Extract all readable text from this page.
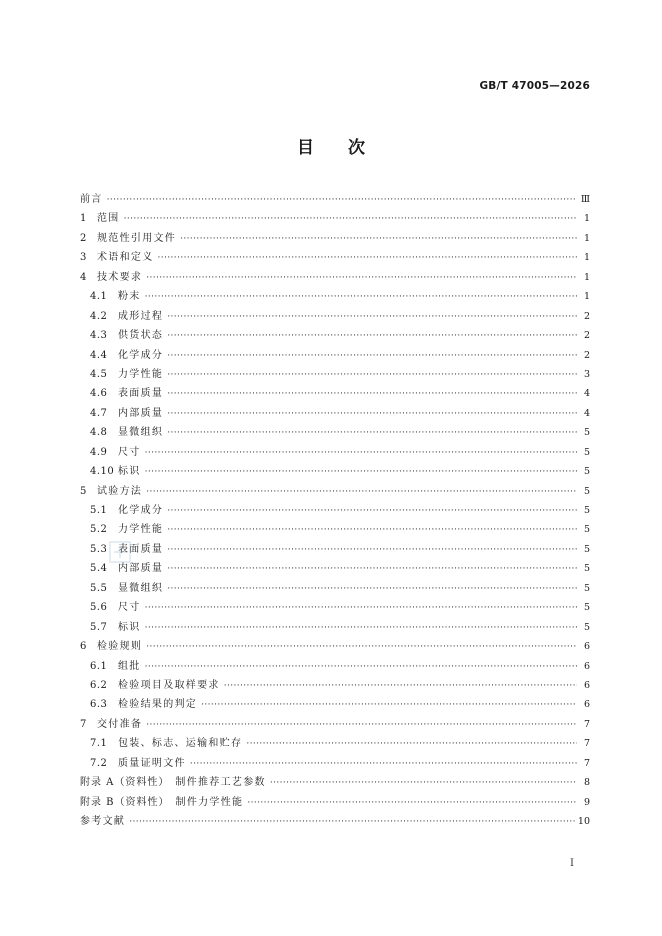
GB/T 47005—2026
目次
前言 ·····	Ⅲ
1	范围 ·····	1
2	规范性引用文件 ·····	1
3	术语和定义 ·····	1
4	技术要求 ·····	1
4.1	粉末 ·····	1
4.2	成形过程 ·····	2
4.3	供货状态 ·····	2
4.4	化学成分 ·····	2
4.5	力学性能 ·····	3
4.6	表面质量 ·····	4
4.7	内部质量 ·····	4
4.8	显微组织 ·····	5
4.9	尺寸 ·····	5
4.10 标识 ·····	5
5	试验方法 ·····	5
5.1	化学成分 ·····	5
5.2	力学性能 ·····	5
5.3	表面质量 ·····	5
5.4	内部质量 ·····	5
5.5	显微组织 ·····	5
5.6	尺寸 ·····	5
5.7	标识 ·····	5
6	检验规则 ·····	6
6.1	组批 ·····	6
6.2	检验项目及取样要求 ·····	6
6.3	检验结果的判定 ·····	6
7	交付准备 ·····	7
7.1	包装、标志、运输和贮存 ·····	7
7.2	质量证明文件 ·····	7
附录 A（资料性） 制件推荐工艺参数 ·····	8
附录 B（资料性） 制件力学性能 ·····	9
参考文献 ·····	10
Ⅰ
